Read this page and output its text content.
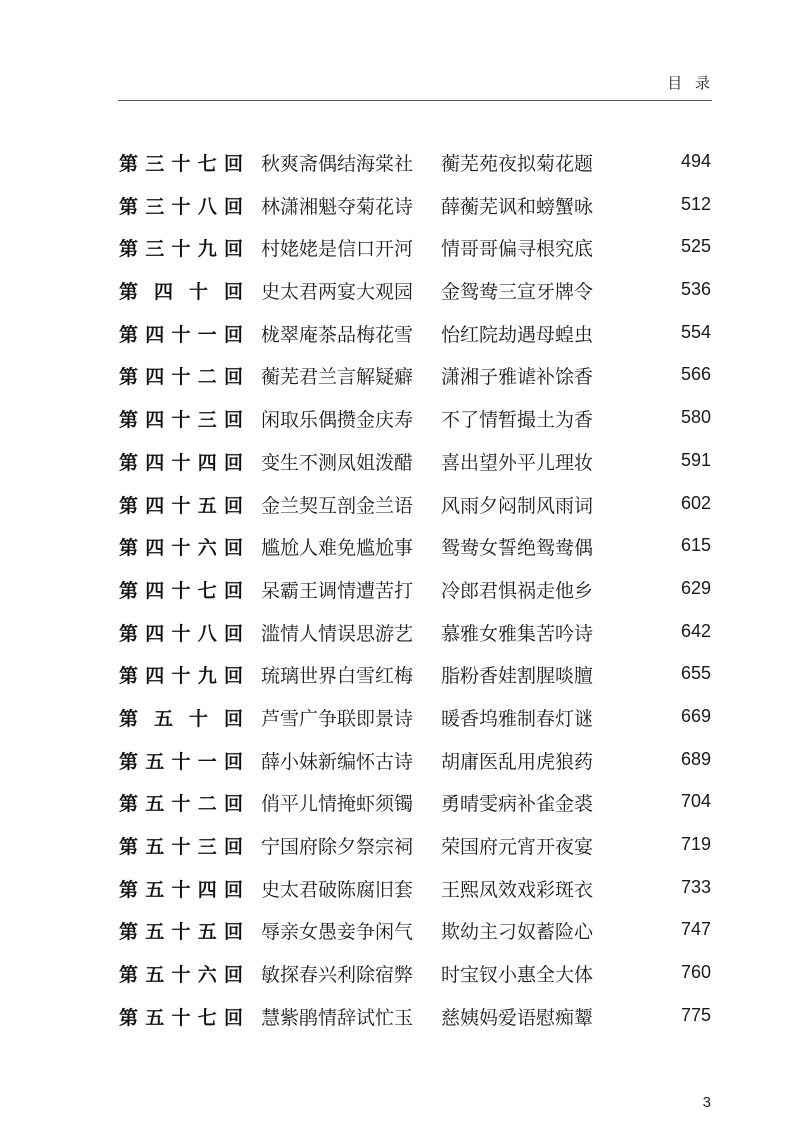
目 录
第 三 十 七 回 秋爽斋偶结海棠社 蘅芜苑夜拟菊花题	494
第 三 十 八 回 林潇湘魁夺菊花诗 薛蘅芜讽和螃蟹咏	512
第 三 十 九 回 村姥姥是信口开河 情哥哥偏寻根究底	525
第 四 十 回 史太君两宴大观园 金鸳鸯三宣牙牌令	536
第 四 十 一 回 栊翠庵茶品梅花雪 怡红院劫遇母蝗虫	554
第 四 十 二 回 蘅芜君兰言解疑癖 潇湘子雅谑补馀香	566
第 四 十 三 回 闲取乐偶攒金庆寿 不了情暂撮土为香	580
第 四 十 四 回 变生不测凤姐泼醋 喜出望外平儿理妆	591
第 四 十 五 回 金兰契互剖金兰语 风雨夕闷制风雨词	602
第 四 十 六 回 尴尬人难免尴尬事 鸳鸯女誓绝鸳鸯偶	615
第 四 十 七 回 呆霸王调情遭苦打 冷郎君惧祸走他乡	629
第 四 十 八 回 滥情人情误思游艺 慕雅女雅集苦吟诗	642
第 四 十 九 回 琉璃世界白雪红梅 脂粉香娃割腥啖膻	655
第 五 十 回 芦雪广争联即景诗 暖香坞雅制春灯谜	669
第 五 十 一 回 薛小妹新编怀古诗 胡庸医乱用虎狼药	689
第 五 十 二 回 俏平儿情掩虾须镯 勇晴雯病补雀金裘	704
第 五 十 三 回 宁国府除夕祭宗祠 荣国府元宵开夜宴	719
第 五 十 四 回 史太君破陈腐旧套 王熙凤效戏彩斑衣	733
第 五 十 五 回 辱亲女愚妾争闲气 欺幼主刁奴蓄险心	747
第 五 十 六 回 敏探春兴利除宿弊 时宝钗小惠全大体	760
第 五 十 七 回 慧紫鹃情辞试忙玉 慈姨妈爱语慰痴颦	775
3
